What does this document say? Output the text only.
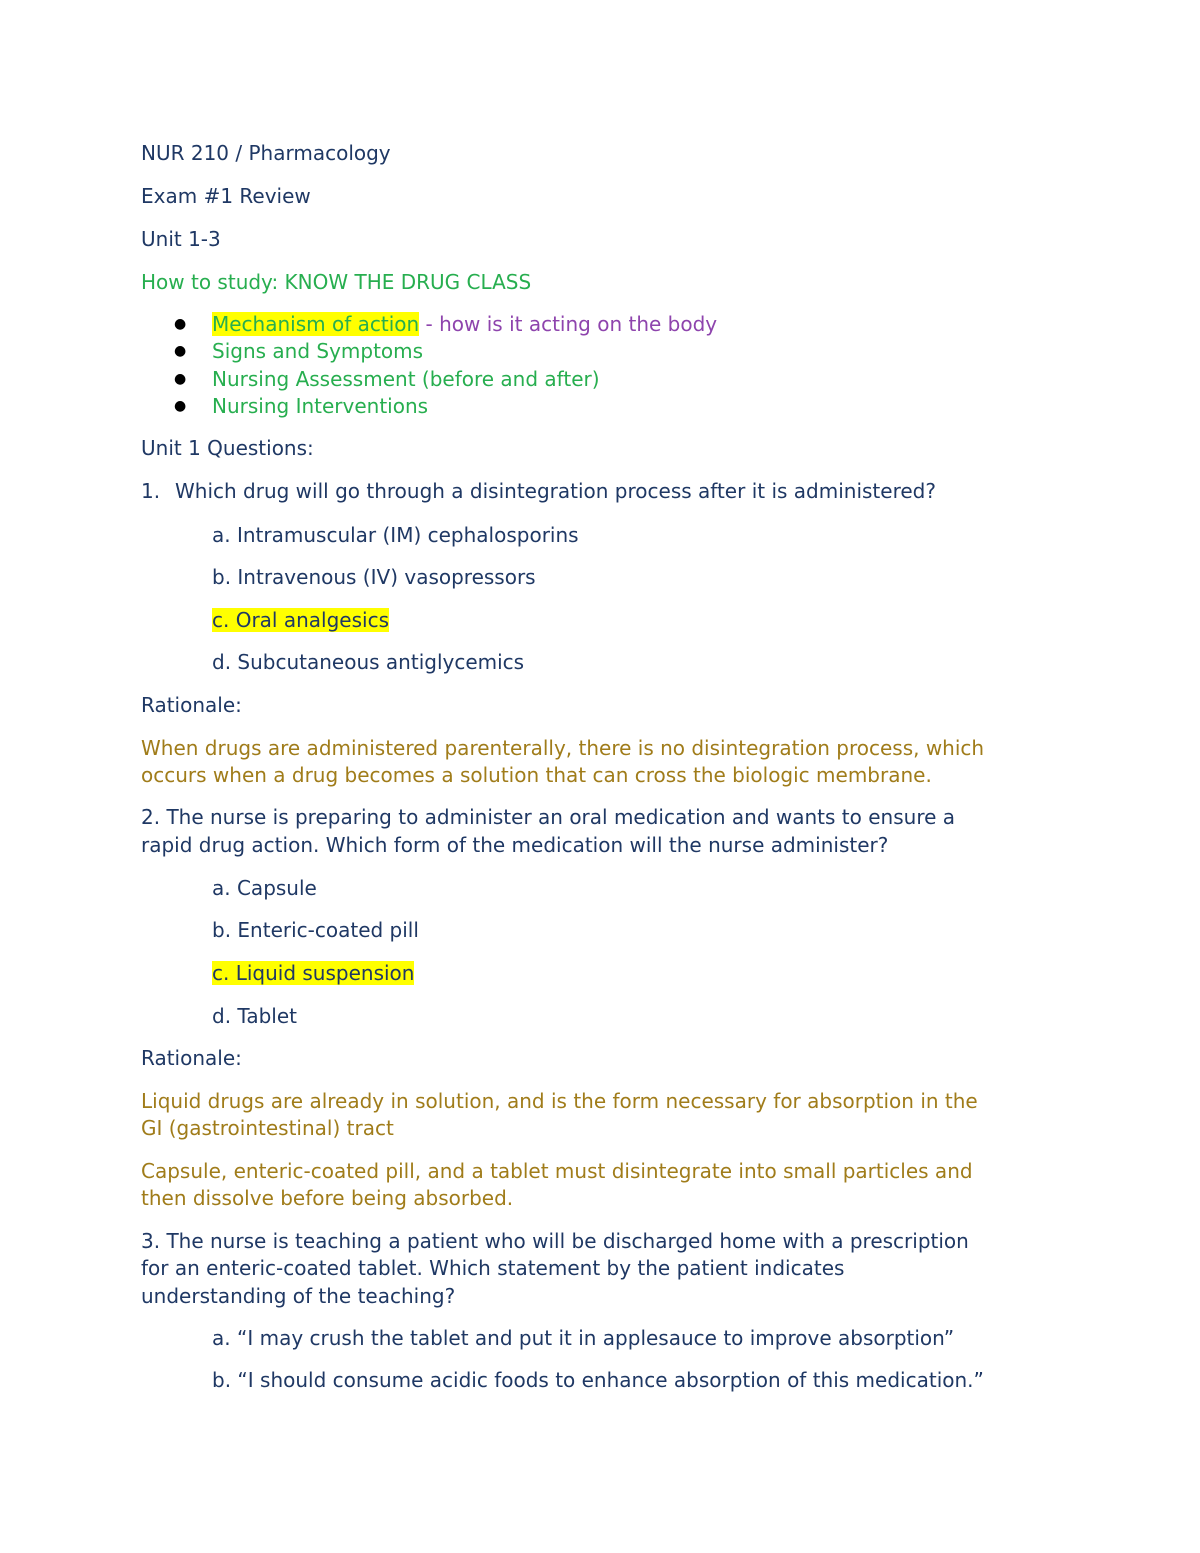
NUR 210 / Pharmacology

Exam #1 Review

Unit 1-3

How to study: KNOW THE DRUG CLASS

● Mechanism of action - how is it acting on the body
● Signs and Symptoms
● Nursing Assessment (before and after)
● Nursing Interventions

Unit 1 Questions:

1. Which drug will go through a disintegration process after it is administered?

a. Intramuscular (IM) cephalosporins

b. Intravenous (IV) vasopressors

c. Oral analgesics

d. Subcutaneous antiglycemics

Rationale:

When drugs are administered parenterally, there is no disintegration process, which

occurs when a drug becomes a solution that can cross the biologic membrane.

2. The nurse is preparing to administer an oral medication and wants to ensure a

rapid drug action. Which form of the medication will the nurse administer?

a. Capsule

b. Enteric-coated pill

c. Liquid suspension

d. Tablet

Rationale:

Liquid drugs are already in solution, and is the form necessary for absorption in the

GI (gastrointestinal) tract

Capsule, enteric-coated pill, and a tablet must disintegrate into small particles and

then dissolve before being absorbed.

3. The nurse is teaching a patient who will be discharged home with a prescription

for an enteric-coated tablet. Which statement by the patient indicates

understanding of the teaching?

a. “I may crush the tablet and put it in applesauce to improve absorption”

b. “I should consume acidic foods to enhance absorption of this medication.”
